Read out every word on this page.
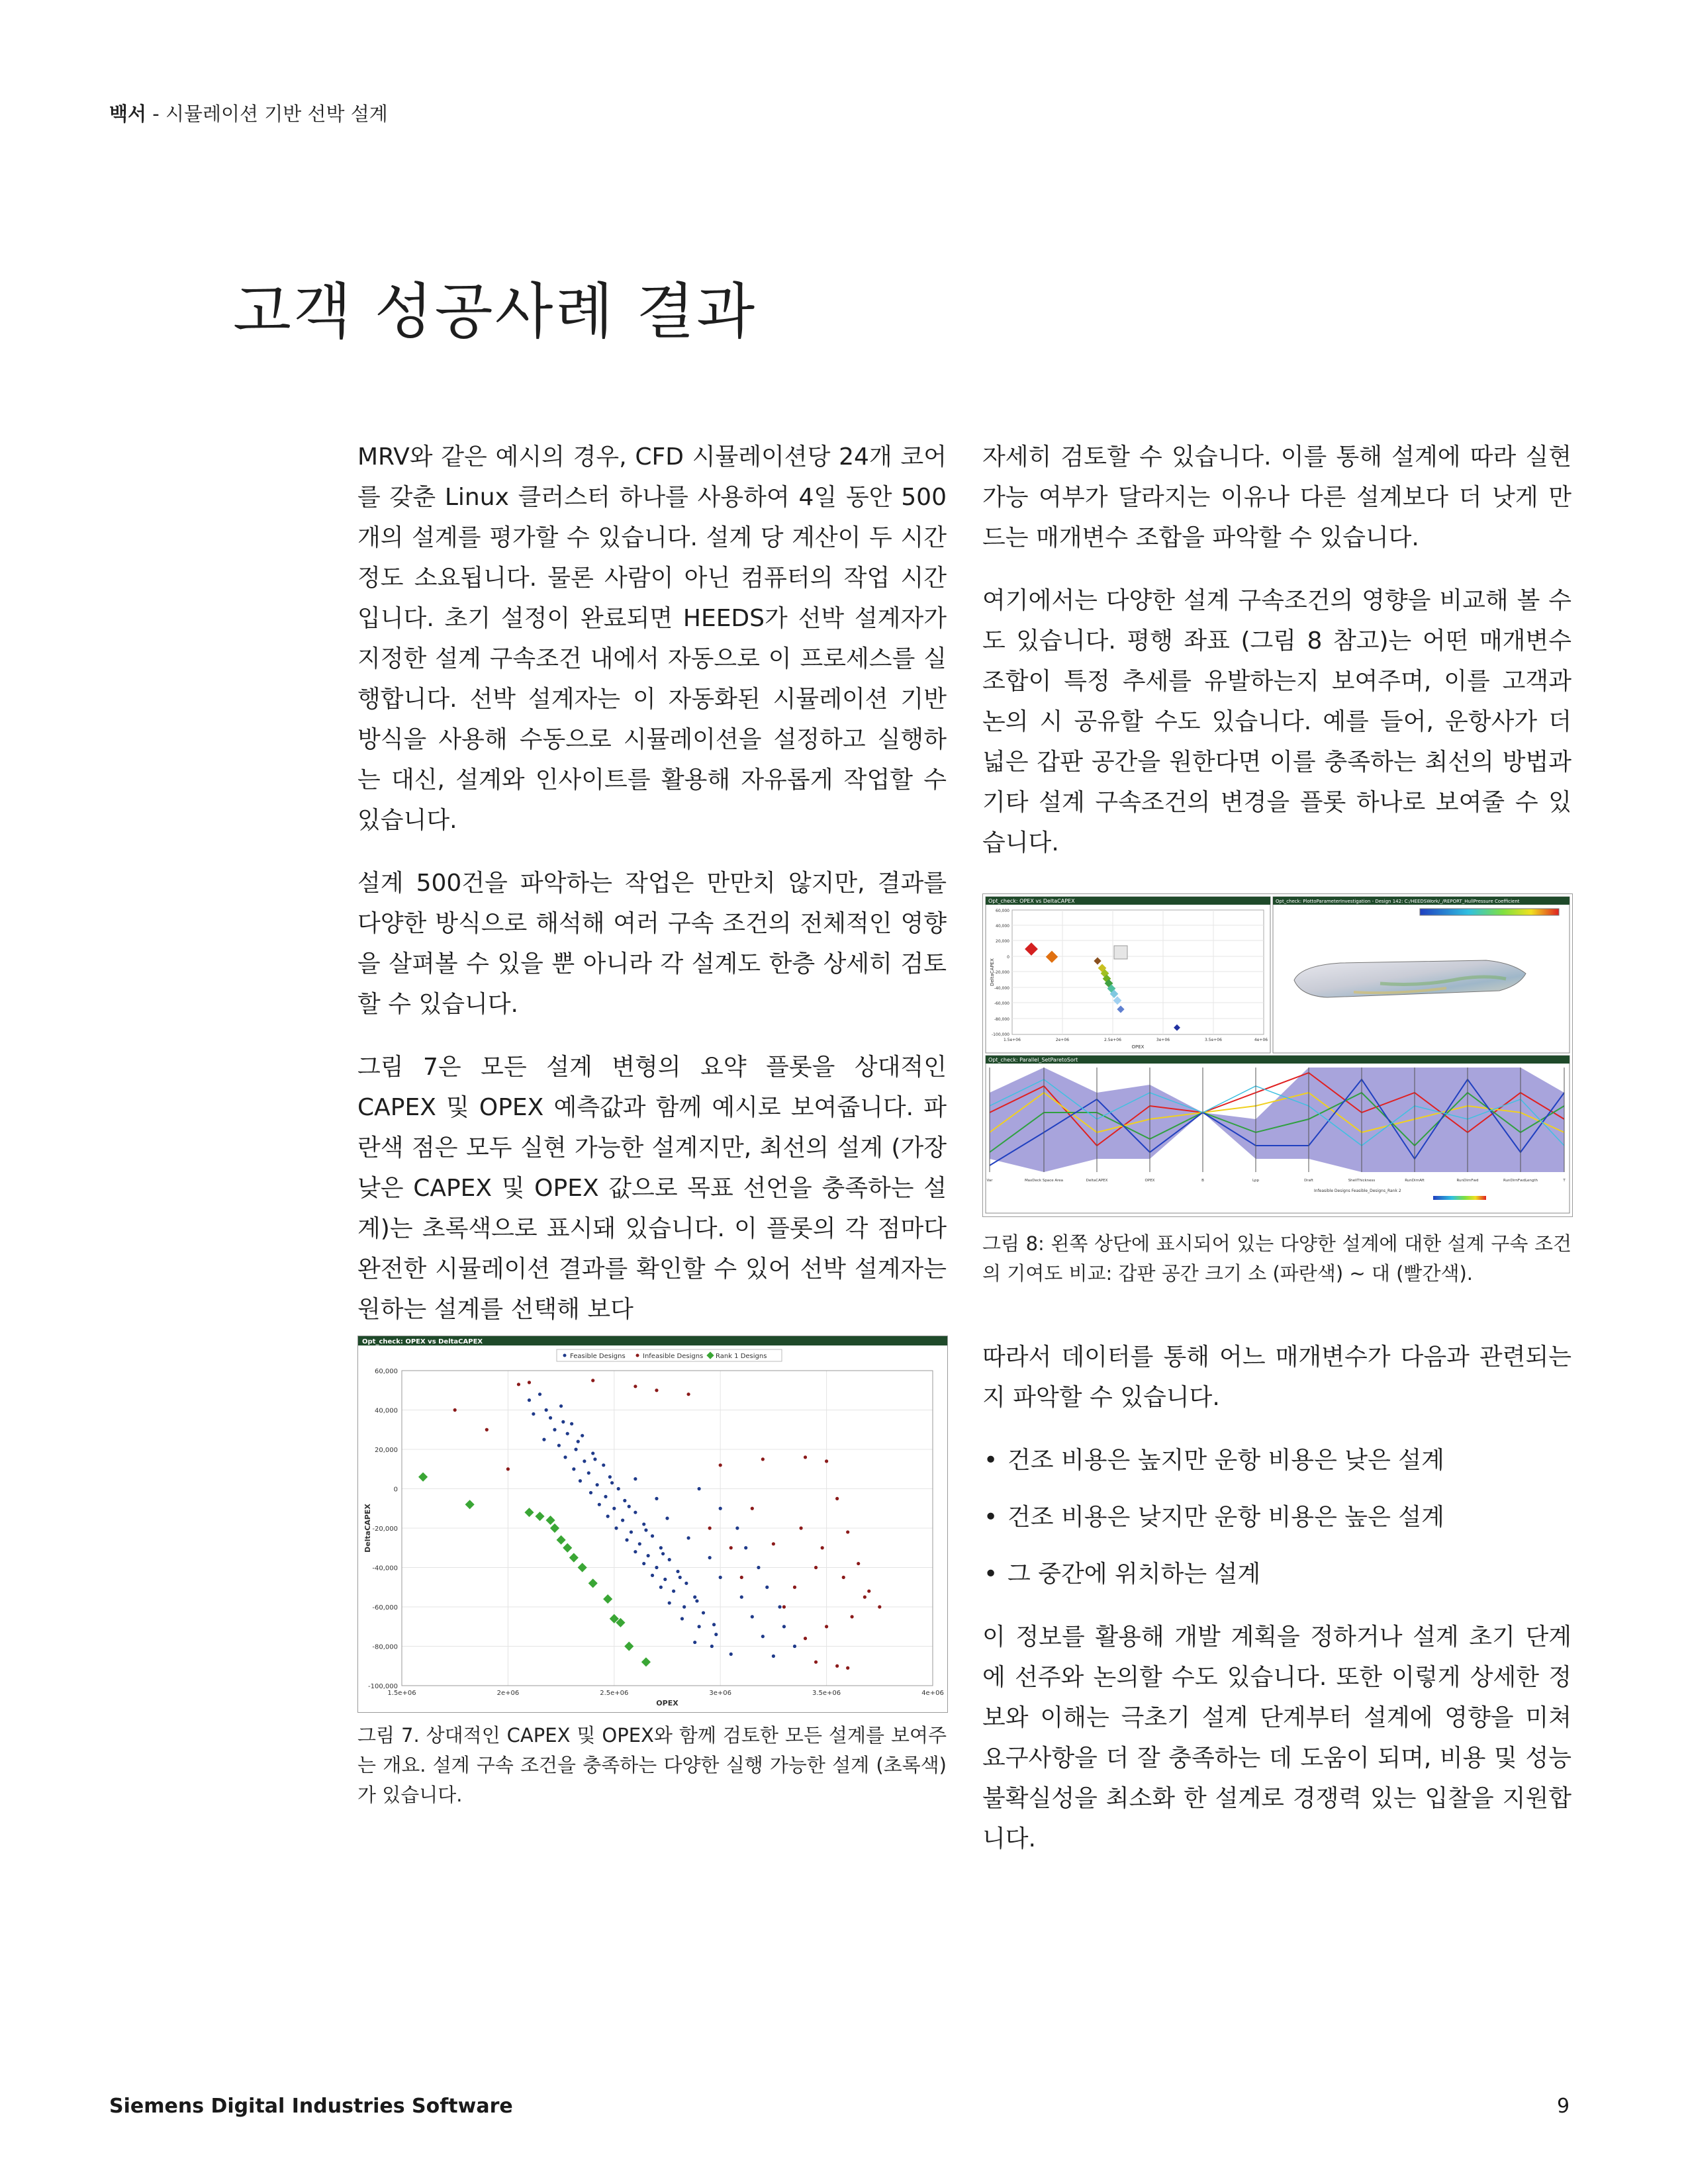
백서 - 시뮬레이션 기반 선박 설계
고객 성공사례 결과

MRV와 같은 예시의 경우, CFD 시뮬레이션당 24개 코어를 갖춘 Linux 클러스터 하나를 사용하여 4일 동안 500개의 설계를 평가할 수 있습니다. 설계 당 계산이 두 시간 정도 소요됩니다. 물론 사람이 아닌 컴퓨터의 작업 시간입니다. 초기 설정이 완료되면 HEEDS가 선박 설계자가 지정한 설계 구속조건 내에서 자동으로 이 프로세스를 실행합니다. 선박 설계자는 이 자동화된 시뮬레이션 기반 방식을 사용해 수동으로 시뮬레이션을 설정하고 실행하는 대신, 설계와 인사이트를 활용해 자유롭게 작업할 수 있습니다.

설계 500건을 파악하는 작업은 만만치 않지만, 결과를 다양한 방식으로 해석해 여러 구속 조건의 전체적인 영향을 살펴볼 수 있을 뿐 아니라 각 설계도 한층 상세히 검토할 수 있습니다.

그림 7은 모든 설계 변형의 요약 플롯을 상대적인 CAPEX 및 OPEX 예측값과 함께 예시로 보여줍니다. 파란색 점은 모두 실현 가능한 설계지만, 최선의 설계 (가장 낮은 CAPEX 및 OPEX 값으로 목표 선언을 충족하는 설계)는 초록색으로 표시돼 있습니다. 이 플롯의 각 점마다 완전한 시뮬레이션 결과를 확인할 수 있어 선박 설계자는 원하는 설계를 선택해 보다

자세히 검토할 수 있습니다. 이를 통해 설계에 따라 실현 가능 여부가 달라지는 이유나 다른 설계보다 더 낫게 만드는 매개변수 조합을 파악할 수 있습니다.

여기에서는 다양한 설계 구속조건의 영향을 비교해 볼 수도 있습니다. 평행 좌표 (그림 8 참고)는 어떤 매개변수 조합이 특정 추세를 유발하는지 보여주며, 이를 고객과 논의 시 공유할 수도 있습니다. 예를 들어, 운항사가 더 넓은 갑판 공간을 원한다면 이를 충족하는 최선의 방법과 기타 설계 구속조건의 변경을 플롯 하나로 보여줄 수 있습니다.

Opt_check: OPEX vs DeltaCAPEX
60,000
40,000
20,000
0
-20,000
-40,000
-60,000
-80,000
-100,000
1.5e+06	2e+06	2.5e+06	3e+06	3.5e+06	4e+06
OPEX
DeltaCAPEX
Opt_check: PlottoParameterInvestigation - Design 142: C:/HEEDSWork/_/REPORT_HullPressure Coefficient
Opt_check: Parallel_SetParetoSort
Var	MaxDeck Space Area	DeltaCAPEX	OPEX	B	Lpp	Draft	ShellThickness	RunDirnAft	RunDirnFwd	RunDirnFwdLength	T
Infeasible Designs Feasible_Designs_Rank 2
그림 8: 왼쪽 상단에 표시되어 있는 다양한 설계에 대한 설계 구속 조건의 기여도 비교: 갑판 공간 크기 소 (파란색) ~ 대 (빨간색).

따라서 데이터를 통해 어느 매개변수가 다음과 관련되는지 파악할 수 있습니다.

• 건조 비용은 높지만 운항 비용은 낮은 설계
• 건조 비용은 낮지만 운항 비용은 높은 설계
• 그 중간에 위치하는 설계

이 정보를 활용해 개발 계획을 정하거나 설계 초기 단계에 선주와 논의할 수도 있습니다. 또한 이렇게 상세한 정보와 이해는 극초기 설계 단계부터 설계에 영향을 미쳐 요구사항을 더 잘 충족하는 데 도움이 되며, 비용 및 성능 불확실성을 최소화 한 설계로 경쟁력 있는 입찰을 지원합니다.

Opt_check: OPEX vs DeltaCAPEX
Feasible Designs	Infeasible Designs Rank 1 Designs
60,000
40,000
20,000
0
-20,000
-40,000
-60,000
-80,000
-100,000
1.5e+06	2e+06	2.5e+06	3e+06	3.5e+06	4e+06
OPEX
DeltaCAPEX
그림 7. 상대적인 CAPEX 및 OPEX와 함께 검토한 모든 설계를 보여주는 개요. 설계 구속 조건을 충족하는 다양한 실행 가능한 설계 (초록색)가 있습니다.
Siemens Digital Industries Software	9
